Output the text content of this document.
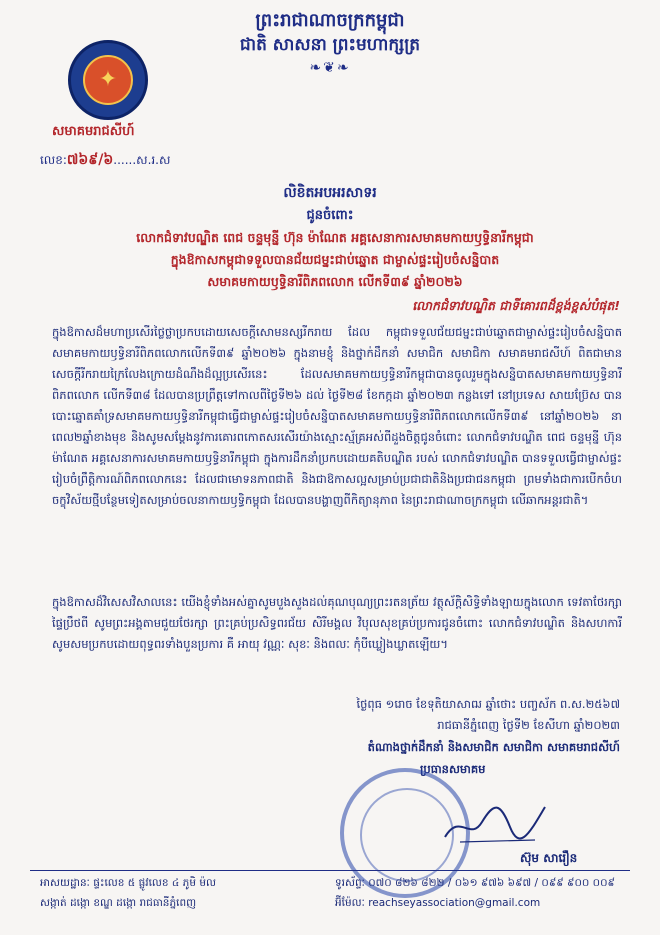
ព្រះរាជាណាចក្រកម្ពុជា
ជាតិ សាសនា ព្រះមហាក្សត្រ
❧❦❧
✦
សមាគមរាជសីហ៍
លេខ:៧៦៩/៦......ស.រ.ស
លិខិតអបអរសាទរ
ជូនចំពោះ
លោកជំទាវបណ្ឌិត ពេជ ចន្ទមុន្នី ហ៊ុន ម៉ាណែត អគ្គសេនាការសមាគមកាយឫទ្ធិនារីកម្ពុជា
ក្នុងឱកាសកម្ពុជាទទួលបានជ័យជម្នះជាប់ឆ្នោត ជាម្ចាស់ផ្ទះរៀបចំសន្និបាត
សមាគមកាយឫទ្ធិនារីពិភពលោក លើកទី៣៩ ឆ្នាំ២០២៦
លោកជំទាវបណ្ឌិត ជាទីគោរពដ៏ខ្ពង់ខ្ពស់បំផុត!
ក្នុងឱកាសដ៏មហាប្រសើរថ្លៃថ្លាប្រកបដោយសេចក្តីសោមនស្សរីករាយ ដែល កម្ពុជាទទួលជ័យជម្នះជាប់ឆ្នោតជាម្ចាស់ផ្ទះរៀបចំសន្និបាតសមាគមកាយឫទ្ធិនារីពិភពលោកលើកទី៣៩ ឆ្នាំ២០២៦ ក្នុងនាមខ្ញុំ និងថ្នាក់ដឹកនាំ សមាជិក សមាជិកា សមាគមរាជសីហ៍ ពិតជាមានសេចក្តីរីករាយក្រៃលែងក្រោយដំណឹងដ៏ល្អប្រសើរនេះ ដែលសមាគមកាយឫទ្ធិនារីកម្ពុជាបានចូលរួមក្នុងសន្និបាតសមាគមកាយឫទ្ធិនារីពិភពលោក លើកទី៣៨ ដែលបានប្រព្រឹត្តទៅកាលពីថ្ងៃទី២៦ ដល់ ថ្ងៃទី២៨ ខែកក្កដា ឆ្នាំ២០២៣ កន្លងទៅ នៅប្រទេស សាយប្រ៊ែស បានបោះឆ្នោតគាំទ្រសមាគមកាយឫទ្ធិនារីកម្ពុជាធ្វើជាម្ចាស់ផ្ទះរៀបចំសន្និបាតសមាគមកាយឫទ្ធិនារីពិភពលោកលើកទី៣៩ នៅឆ្នាំ២០២៦ នាពេល២ឆ្នាំខាងមុខ និងសូមសម្តែងនូវការគោរពកោតសរសើរយ៉ាងស្មោះស្ម័គ្រអស់ពីដួងចិត្តជូនចំពោះ លោកជំទាវបណ្ឌិត ពេជ ចន្ទមុន្នី ហ៊ុន ម៉ាណែត អគ្គសេនាការសមាគមកាយឫទ្ធិនារីកម្ពុជា ក្នុងការដឹកនាំប្រកបដោយគតិបណ្ឌិត របស់ លោកជំទាវបណ្ឌិត បានទទួលធ្វើជាម្ចាស់ផ្ទះរៀបចំព្រឹត្តិការណ៍ពិភពលោកនេះ ដែលជាមោទនភាពជាតិ និងជាឱកាសល្អសម្រាប់ប្រជាជាតិនិងប្រជាជនកម្ពុជា ព្រមទាំងជាការបើកចំហចក្ខុវិស័យថ្មីបន្ថែមទៀតសម្រាប់ចលនាកាយឫទ្ធិកម្ពុជា ដែលបានបង្ហាញពីកិត្យានុភាព នៃព្រះរាជាណាចក្រកម្ពុជា លើឆាកអន្តរជាតិ។
ក្នុងឱកាសដ៏វិសេសវិសាលនេះ យើងខ្ញុំទាំងអស់គ្នាសូមបួងសួងដល់គុណបុណ្យព្រះរតនត្រ័យ វត្ថុស័ក្តិសិទ្ធិទាំងឡាយក្នុងលោក ទេវតាថែរក្សាផ្ទៃប្រឹថពី សូមព្រះអង្គតាមជួយថែរក្សា ព្រះគ្រប់ប្រសិទ្ធពរជ័យ សិរីមង្គល វិបុលសុខគ្រប់ប្រការជូនចំពោះ លោកជំទាវបណ្ឌិត និងសហការី សូមសមប្រកបដោយពុទ្ធពរទាំងបួនប្រការ គឺ អាយុ វណ្ណៈ សុខៈ និងពលៈ កុំបីឃ្លៀងឃ្លាតឡើយ។
ថ្ងៃពុធ ១រោច ខែទុតិយាសាឍ ឆ្នាំថោះ បញ្ចស័ក ព.ស.២៥៦៧
រាជធានីភ្នំពេញ ថ្ងៃទី២ ខែសីហា ឆ្នាំ២០២៣
តំណាងថ្នាក់ដឹកនាំ និងសមាជិក សមាជិកា សមាគមរាជសីហ៍
ប្រធានសមាគម
ស៊ុម សារឿន
អាសយដ្ឋានៈ ផ្ទះលេខ ៥ ផ្លូវលេខ ៤ ភូមិ ម៉ល
សង្កាត់ ដង្កោ ខណ្ឌ ដង្កោ រាជធានីភ្នំពេញ
ទូរស័ព្ទៈ ០៧០ ៨២៦ ៨២២ / ០៦១ ៩៧៦ ៦៩៧ / ០៩៩ ៩០០ ០០៩
អ៊ីម៉ែលៈ reachseyassociation@gmail.com
